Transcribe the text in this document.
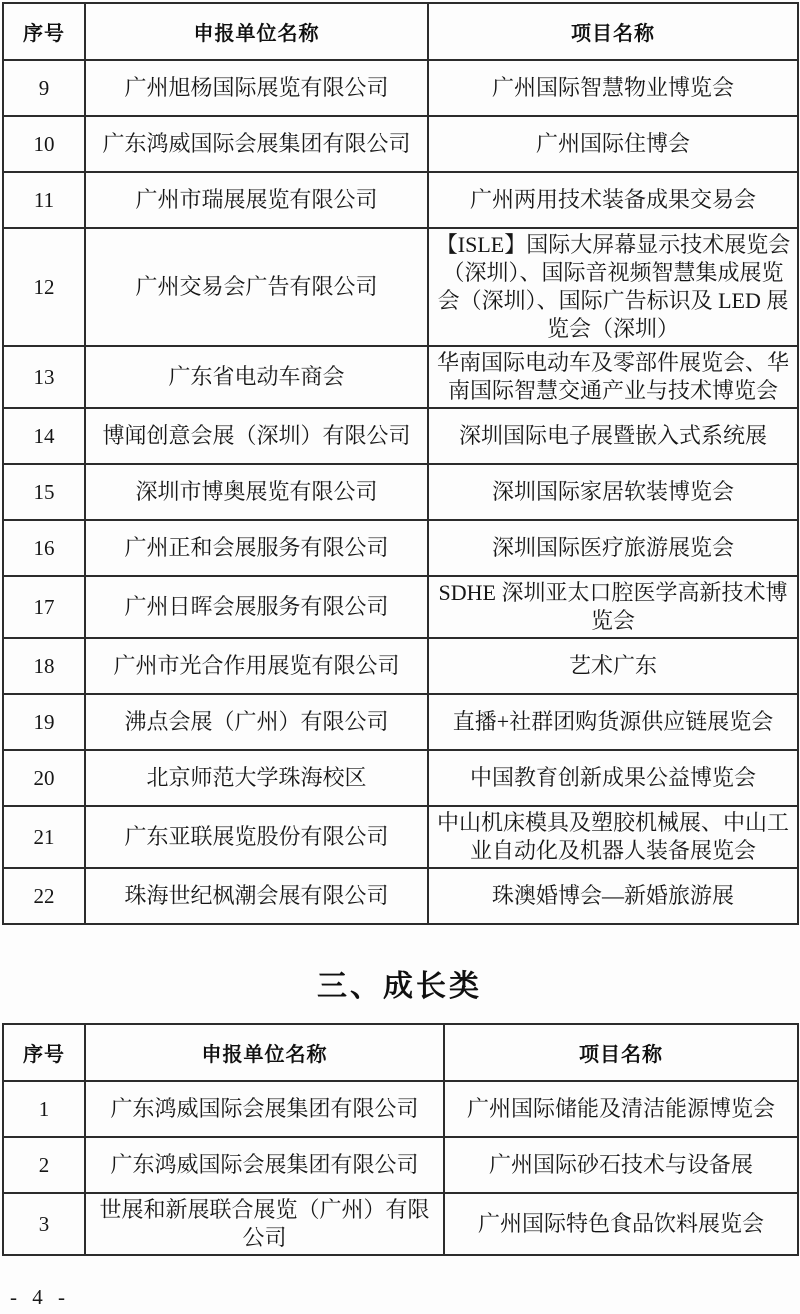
序号	申报单位名称	项目名称
9	广州旭杨国际展览有限公司	广州国际智慧物业博览会
10	广东鸿威国际会展集团有限公司	广州国际住博会
11	广州市瑞展展览有限公司	广州两用技术装备成果交易会
12	广州交易会广告有限公司	【ISLE】国际大屏幕显示技术展览会（深圳）、国际音视频智慧集成展览会（深圳）、国际广告标识及 LED 展览会（深圳）
13	广东省电动车商会	华南国际电动车及零部件展览会、华南国际智慧交通产业与技术博览会
14	博闻创意会展（深圳）有限公司	深圳国际电子展暨嵌入式系统展
15	深圳市博奥展览有限公司	深圳国际家居软装博览会
16	广州正和会展服务有限公司	深圳国际医疗旅游展览会
17	广州日晖会展服务有限公司	SDHE 深圳亚太口腔医学高新技术博览会
18	广州市光合作用展览有限公司	艺术广东
19	沸点会展（广州）有限公司	直播+社群团购货源供应链展览会
20	北京师范大学珠海校区	中国教育创新成果公益博览会
21	广东亚联展览股份有限公司	中山机床模具及塑胶机械展、中山工业自动化及机器人装备展览会
22	珠海世纪枫潮会展有限公司	珠澳婚博会—新婚旅游展
三、成长类
序号	申报单位名称	项目名称
1	广东鸿威国际会展集团有限公司	广州国际储能及清洁能源博览会
2	广东鸿威国际会展集团有限公司	广州国际砂石技术与设备展
3	世展和新展联合展览（广州）有限公司	广州国际特色食品饮料展览会
- 4 -
